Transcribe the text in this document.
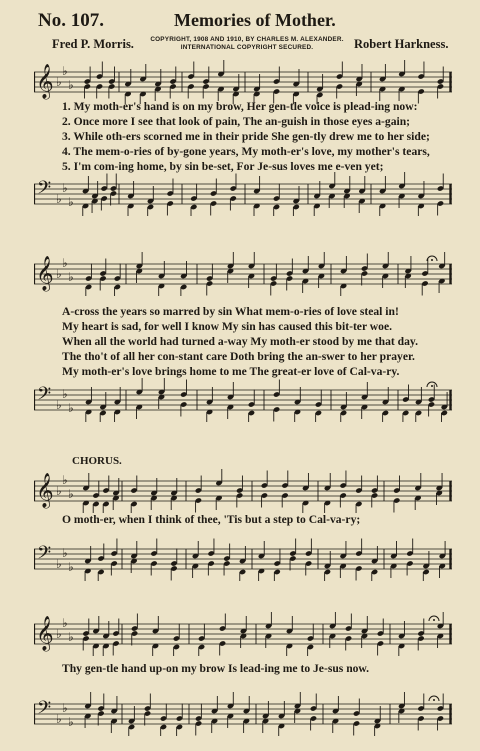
No. 107.	Memories of Mother.
Fred P. Morris.	COPYRIGHT, 1908 AND 1910, BY CHARLES M. ALEXANDER.
INTERNATIONAL COPYRIGHT SECURED.	Robert Harkness.
𝄞 ♭
♭
♭
1. My moth-er's hand is on my brow, Her gen-tle voice is plead-ing now:
2. Once more I see that look of pain, The an-guish in those eyes a-gain;
3. While oth-ers scorned me in their pride She gen-tly drew me to her side;
4. The mem-o-ries of by-gone years, My moth-er's love, my mother's tears,
5. I'm com-ing home, by sin be-set, For Je-sus loves me e-ven yet;
𝄢 ♭
♭
♭
𝄞 ♭
♭
♭
A-cross the years so marred by sin What mem-o-ries of love steal in!
My heart is sad, for well I know My sin has caused this bit-ter woe.
When all the world had turned a-way My moth-er stood by me that day.
The tho't of all her con-stant care Doth bring the an-swer to her prayer.
My moth-er's love brings home to me The great-er love of Cal-va-ry.
𝄢 ♭
♭
♭
CHORUS.
𝄞 ♭
♭
♭
O moth-er, when I think of thee, 'Tis but a step to Cal-va-ry;
𝄢 ♭
♭
♭
𝄞 ♭
♭
♭
Thy gen-tle hand up-on my brow Is lead-ing me to Je-sus now.
𝄢 ♭
♭
♭
